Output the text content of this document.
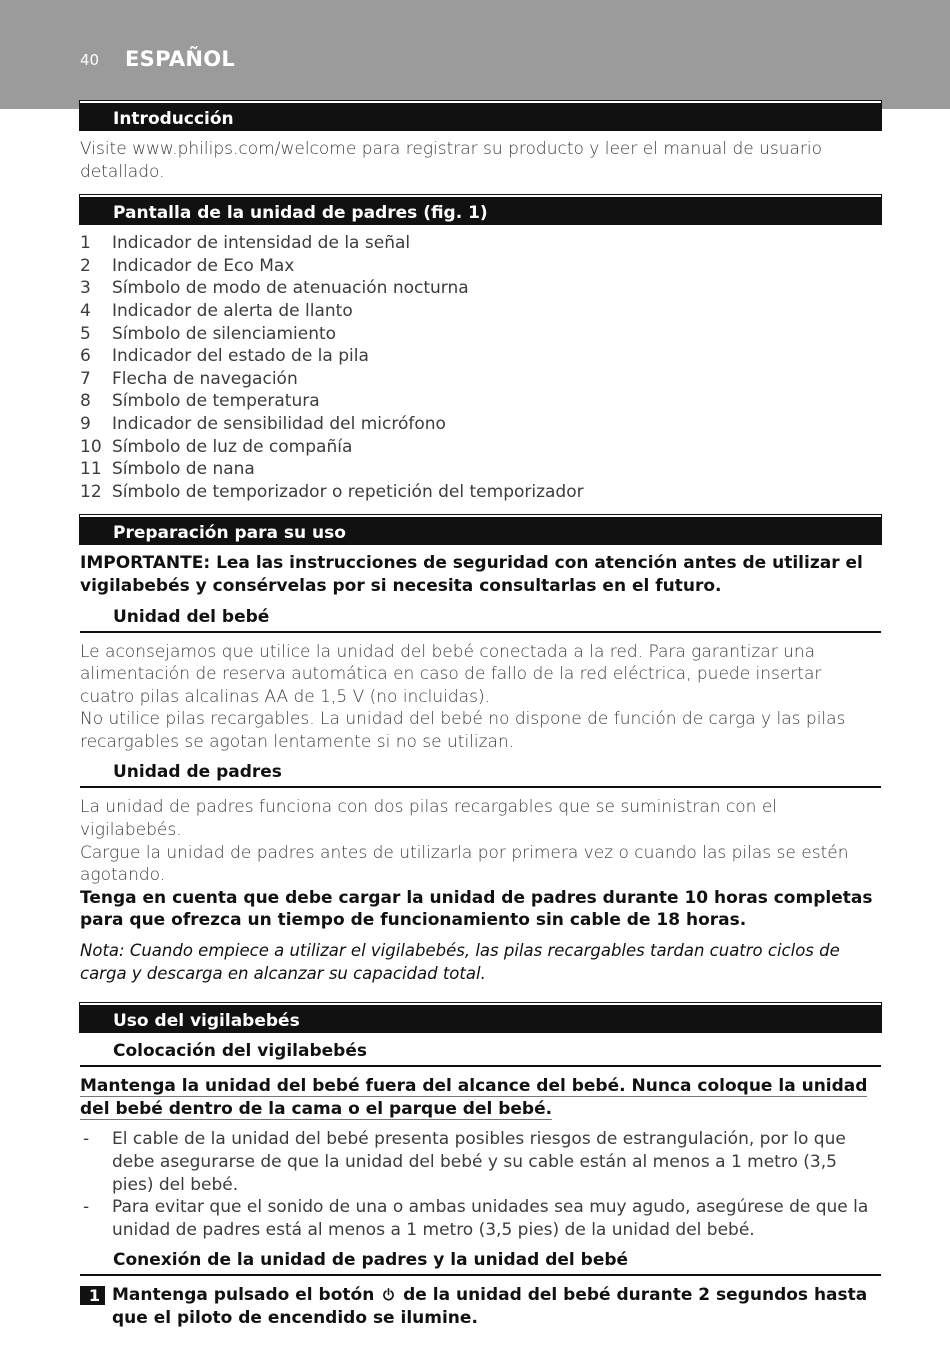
40 ESPAÑOL
Introducción

Visite www.philips.com/welcome para registrar su producto y leer el manual de usuario detallado.

Pantalla de la unidad de padres (fig. 1)
1	Indicador de intensidad de la señal
2	Indicador de Eco Max
3	Símbolo de modo de atenuación nocturna
4	Indicador de alerta de llanto
5	Símbolo de silenciamiento
6	Indicador del estado de la pila
7	Flecha de navegación
8	Símbolo de temperatura
9	Indicador de sensibilidad del micrófono
10 Símbolo de luz de compañía
11 Símbolo de nana
12 Símbolo de temporizador o repetición del temporizador
Preparación para su uso

IMPORTANTE: Lea las instrucciones de seguridad con atención antes de utilizar el vigilabebés y consérvelas por si necesita consultarlas en el futuro.

Unidad del bebé

Le aconsejamos que utilice la unidad del bebé conectada a la red. Para garantizar una alimentación de reserva automática en caso de fallo de la red eléctrica, puede insertar cuatro pilas alcalinas AA de 1,5 V (no incluidas).

No utilice pilas recargables. La unidad del bebé no dispone de función de carga y las pilas recargables se agotan lentamente si no se utilizan.

Unidad de padres

La unidad de padres funciona con dos pilas recargables que se suministran con el vigilabebés.

Cargue la unidad de padres antes de utilizarla por primera vez o cuando las pilas se estén agotando.

Tenga en cuenta que debe cargar la unidad de padres durante 10 horas completas para que ofrezca un tiempo de funcionamiento sin cable de 18 horas.

Nota: Cuando empiece a utilizar el vigilabebés, las pilas recargables tardan cuatro ciclos de carga y descarga en alcanzar su capacidad total.

Uso del vigilabebés
Colocación del vigilabebés

Mantenga la unidad del bebé fuera del alcance del bebé. Nunca coloque la unidad del bebé dentro de la cama o el parque del bebé.

-	El cable de la unidad del bebé presenta posibles riesgos de estrangulación, por lo que debe asegurarse de que la unidad del bebé y su cable están al menos a 1 metro (3,5 pies) del bebé.
-	Para evitar que el sonido de una o ambas unidades sea muy agudo, asegúrese de que la unidad de padres está al menos a 1 metro (3,5 pies) de la unidad del bebé.
Conexión de la unidad de padres y la unidad del bebé
1 Mantenga pulsado el botón de la unidad del bebé durante 2 segundos hasta que el piloto de encendido se ilumine.
